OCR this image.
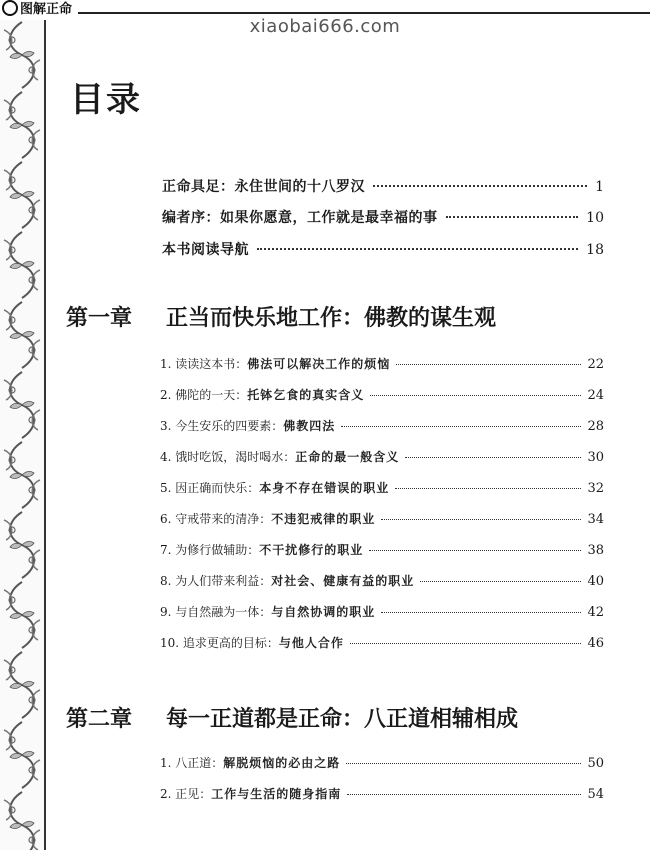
图解正命
xiaobai666.com
目录
正命具足：永住世间的十八罗汉	1
编者序：如果你愿意，工作就是最幸福的事	10
本书阅读导航	18
第一章 正当而快乐地工作：佛教的谋生观
1. 读读这本书：佛法可以解决工作的烦恼	22
2. 佛陀的一天：托钵乞食的真实含义	24
3. 今生安乐的四要素：佛教四法	28
4. 饿时吃饭，渴时喝水：正命的最一般含义	30
5. 因正确而快乐：本身不存在错误的职业	32
6. 守戒带来的清净：不违犯戒律的职业	34
7. 为修行做辅助：不干扰修行的职业	38
8. 为人们带来利益：对社会、健康有益的职业	40
9. 与自然融为一体：与自然协调的职业	42
10. 追求更高的目标：与他人合作	46
第二章 每一正道都是正命：八正道相辅相成
1. 八正道：解脱烦恼的必由之路	50
2. 正见：工作与生活的随身指南	54
